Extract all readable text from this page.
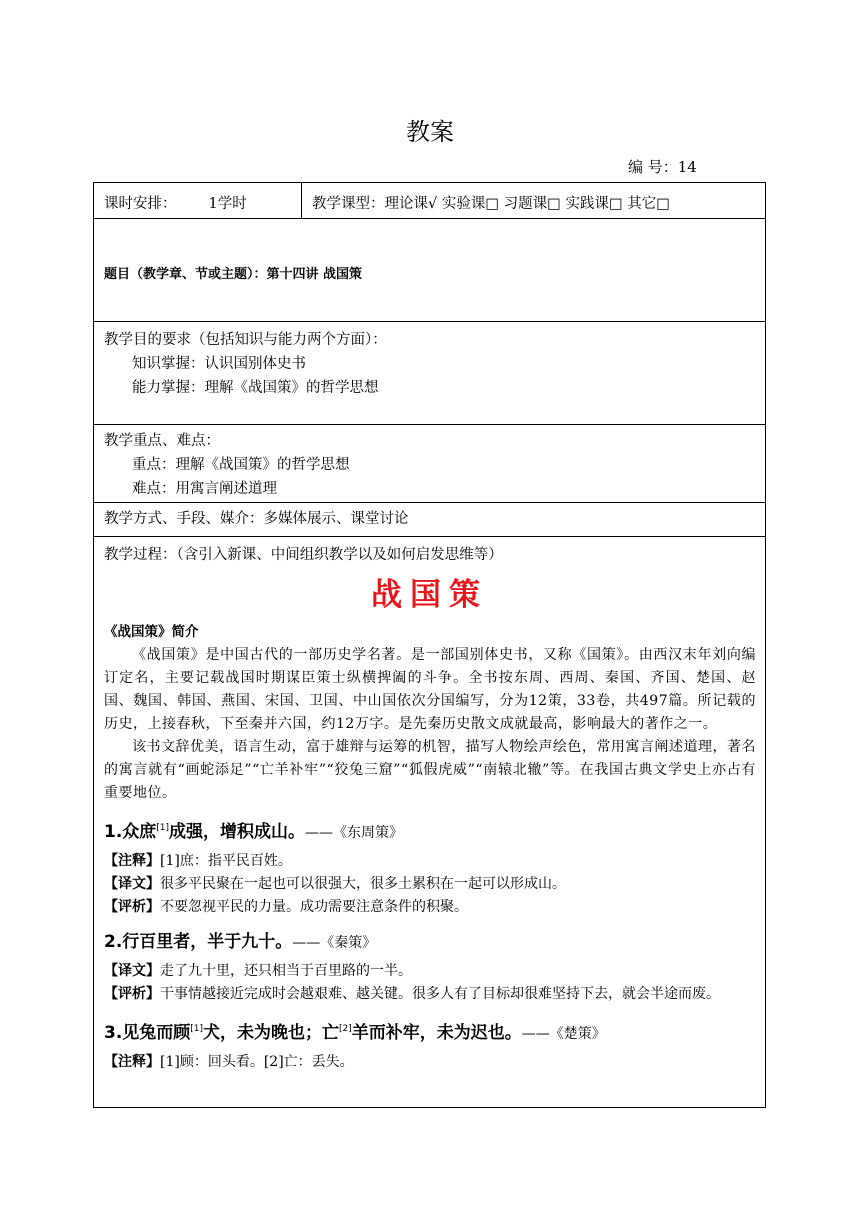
教案
编 号：14
课时安排： 1学时	教学课型：理论课√ 实验课□ 习题课□ 实践课□ 其它□
题目（教学章、节或主题）：第十四讲 战国策
教学目的要求（包括知识与能力两个方面）：
知识掌握：认识国别体史书
能力掌握：理解《战国策》的哲学思想
教学重点、难点：
重点：理解《战国策》的哲学思想
难点：用寓言阐述道理
教学方式、手段、媒介：多媒体展示、课堂讨论
教学过程：（含引入新课、中间组织教学以及如何启发思维等）
战国策
《战国策》简介

《战国策》是中国古代的一部历史学名著。是一部国别体史书，又称《国策》。由西汉末年刘向编订定名，主要记载战国时期谋臣策士纵横捭阖的斗争。全书按东周、西周、秦国、齐国、楚国、赵国、魏国、韩国、燕国、宋国、卫国、中山国依次分国编写，分为12策，33卷，共497篇。所记载的历史，上接春秋，下至秦并六国，约12万字。是先秦历史散文成就最高，影响最大的著作之一。

该书文辞优美，语言生动，富于雄辩与运筹的机智，描写人物绘声绘色，常用寓言阐述道理，著名的寓言就有“画蛇添足”“亡羊补牢”“狡兔三窟”“狐假虎威”“南辕北辙”等。在我国古典文学史上亦占有重要地位。

1.众庶[1]成强，增积成山。——《东周策》

【注释】[1]庶：指平民百姓。

【译文】很多平民聚在一起也可以很强大，很多土累积在一起可以形成山。

【评析】不要忽视平民的力量。成功需要注意条件的积聚。

2.行百里者，半于九十。——《秦策》

【译文】走了九十里，还只相当于百里路的一半。

【评析】干事情越接近完成时会越艰难、越关键。很多人有了目标却很难坚持下去，就会半途而废。

3.见兔而顾[1]犬，未为晚也；亡[2]羊而补牢，未为迟也。——《楚策》

【注释】[1]顾：回头看。[2]亡：丢失。
